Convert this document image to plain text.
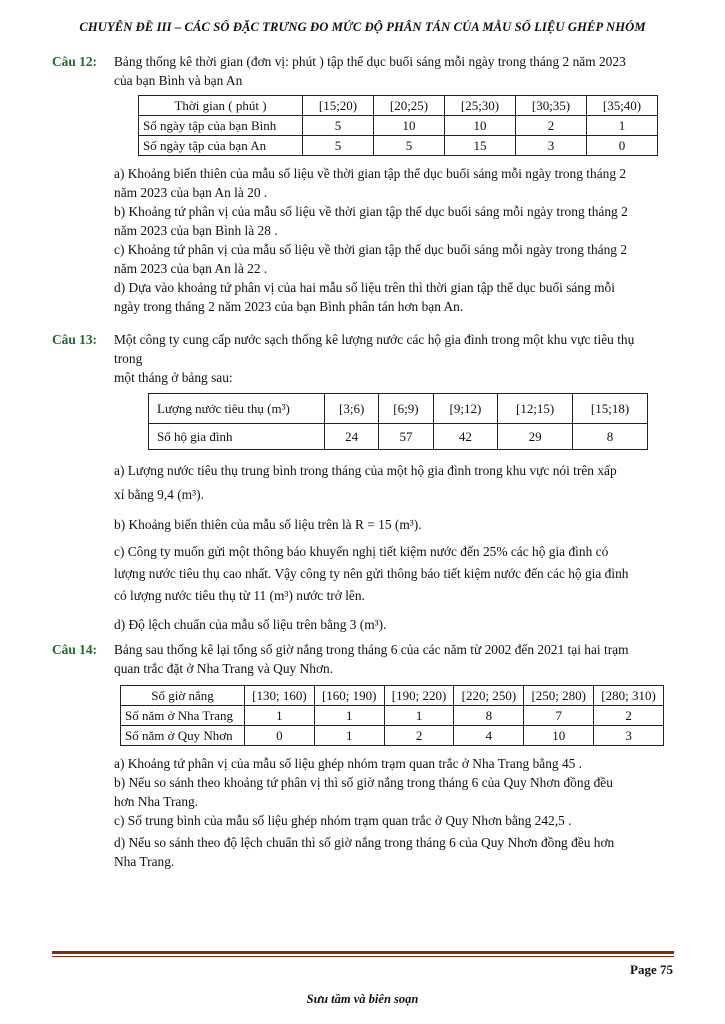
CHUYÊN ĐỀ III – CÁC SỐ ĐẶC TRƯNG ĐO MỨC ĐỘ PHÂN TÁN CỦA MẪU SỐ LIỆU GHÉP NHÓM
Câu 12: Bảng thống kê thời gian (đơn vị: phút ) tập thể dục buổi sáng mỗi ngày trong tháng 2 năm 2023
của bạn Bình và bạn An
Thời gian ( phút )	[15;20)	[20;25)	[25;30)	[30;35)	[35;40)
Số ngày tập của bạn Bình	5	10	10	2	1
Số ngày tập của bạn An	5	5	15	3	0
a) Khoảng biến thiên của mẫu số liệu về thời gian tập thể dục buổi sáng mỗi ngày trong tháng 2
năm 2023 của bạn An là 20 .
b) Khoảng tứ phân vị của mẫu số liệu về thời gian tập thể dục buổi sáng mỗi ngày trong tháng 2
năm 2023 của bạn Bình là 28 .
c) Khoảng tứ phân vị của mẫu số liệu về thời gian tập thể dục buổi sáng mỗi ngày trong tháng 2
năm 2023 của bạn An là 22 .
d) Dựa vào khoảng tứ phân vị của hai mẫu số liệu trên thì thời gian tập thể dục buổi sáng mỗi
ngày trong tháng 2 năm 2023 của bạn Bình phân tán hơn bạn An.
Câu 13: Một công ty cung cấp nước sạch thống kê lượng nước các hộ gia đình trong một khu vực tiêu thụ
trong
một tháng ở bảng sau:
Lượng nước tiêu thụ (m³)	[3;6)	[6;9)	[9;12)	[12;15)	[15;18)
Số hộ gia đình	24	57	42	29	8
a) Lượng nước tiêu thụ trung bình trong tháng của một hộ gia đình trong khu vực nói trên xấp
xỉ bằng 9,4 (m³).
b) Khoảng biến thiên của mẫu số liệu trên là R = 15 (m³).
c) Công ty muốn gửi một thông báo khuyến nghị tiết kiệm nước đến 25% các hộ gia đình có
lượng nước tiêu thụ cao nhất. Vậy công ty nên gửi thông báo tiết kiệm nước đến các hộ gia đình
có lượng nước tiêu thụ từ 11 (m³) nước trở lên.
d) Độ lệch chuẩn của mẫu số liệu trên bằng 3 (m³).
Câu 14: Bảng sau thống kê lại tổng số giờ nắng trong tháng 6 của các năm từ 2002 đến 2021 tại hai trạm
quan trắc đặt ở Nha Trang và Quy Nhơn.
Số giờ nắng	[130; 160)	[160; 190)	[190; 220)	[220; 250)	[250; 280)	[280; 310)
Số năm ở Nha Trang	1	1	1	8	7	2
Số năm ở Quy Nhơn	0	1	2	4	10	3
a) Khoảng tứ phân vị của mẫu số liệu ghép nhóm trạm quan trắc ở Nha Trang bằng 45 .
b) Nếu so sánh theo khoảng tứ phân vị thì số giờ nắng trong tháng 6 của Quy Nhơn đồng đều
hơn Nha Trang.
c) Số trung bình của mẫu số liệu ghép nhóm trạm quan trắc ở Quy Nhơn bằng 242,5 .
d) Nếu so sánh theo độ lệch chuẩn thì số giờ nắng trong tháng 6 của Quy Nhơn đồng đều hơn
Nha Trang.
Page 75
Sưu tầm và biên soạn
